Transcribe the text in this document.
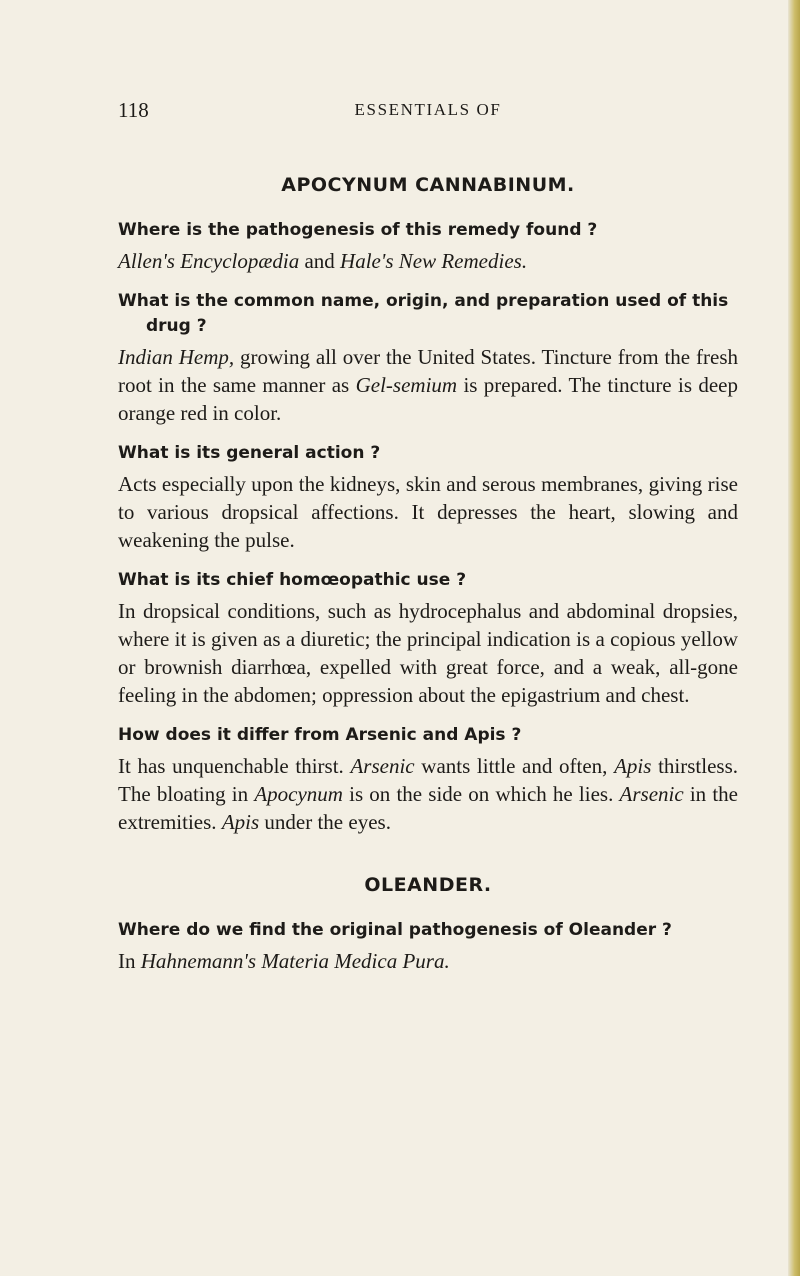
118	ESSENTIALS OF
APOCYNUM CANNABINUM.

Where is the pathogenesis of this remedy found ?

Allen's Encyclopædia and Hale's New Remedies.

What is the common name, origin, and preparation used of this drug ?

Indian Hemp, growing all over the United States. Tincture from the fresh root in the same manner as Gel-semium is prepared. The tincture is deep orange red in color.

What is its general action ?

Acts especially upon the kidneys, skin and serous membranes, giving rise to various dropsical affections. It depresses the heart, slowing and weakening the pulse.

What is its chief homœopathic use ?

In dropsical conditions, such as hydrocephalus and abdominal dropsies, where it is given as a diuretic; the principal indication is a copious yellow or brownish diarrhœa, expelled with great force, and a weak, all-gone feeling in the abdomen; oppression about the epigastrium and chest.

How does it differ from Arsenic and Apis ?

It has unquenchable thirst. Arsenic wants little and often, Apis thirstless. The bloating in Apocynum is on the side on which he lies. Arsenic in the extremities. Apis under the eyes.

OLEANDER.

Where do we find the original pathogenesis of Oleander ?

In Hahnemann's Materia Medica Pura.
